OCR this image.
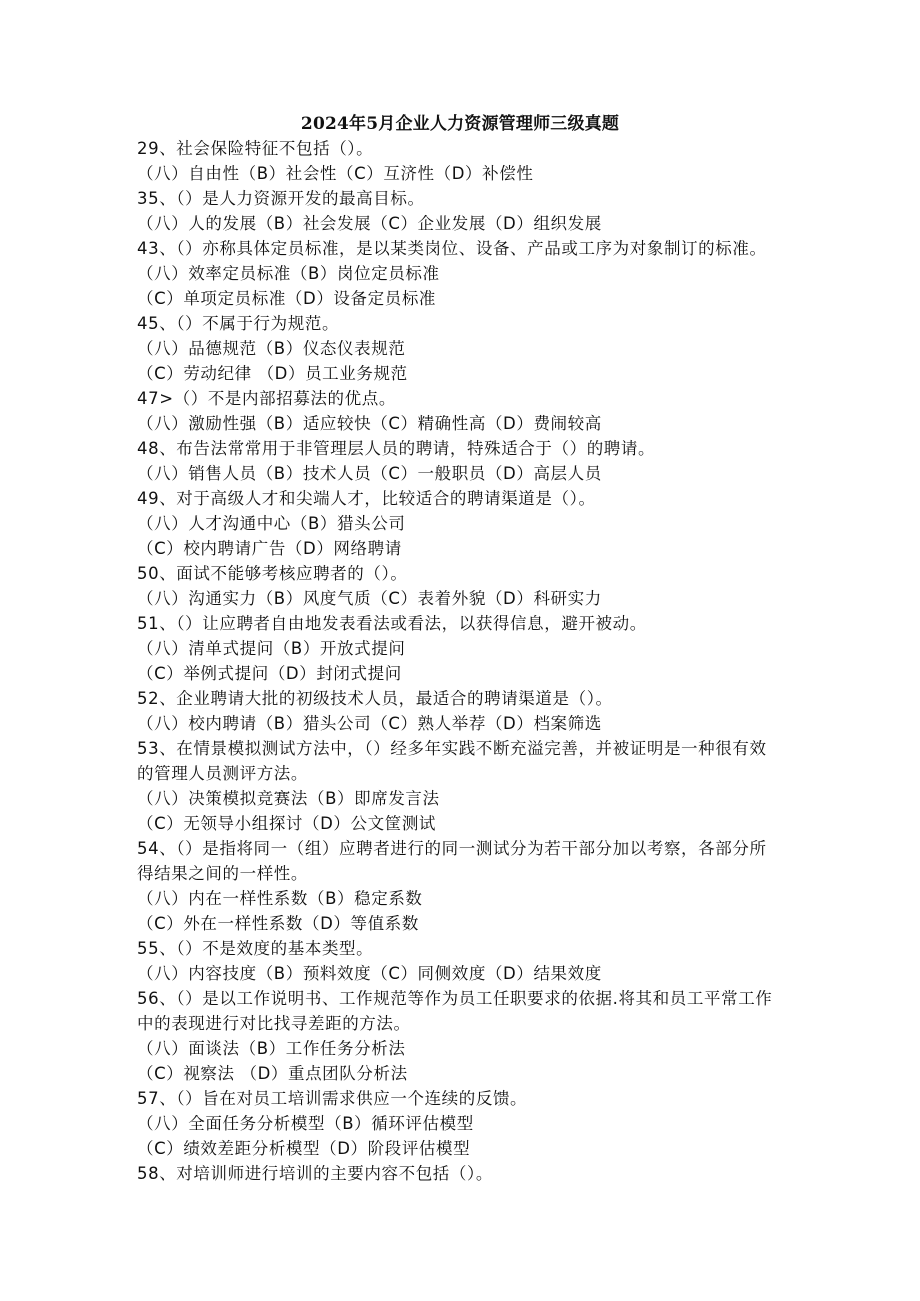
2024年5月企业人力资源管理师三级真题
29、社会保险特征不包括（）。
（八）自由性（B）社会性（C）互济性（D）补偿性
35、（）是人力资源开发的最高目标。
（八）人的发展（B）社会发展（C）企业发展（D）组织发展
43、（）亦称具体定员标准，是以某类岗位、设备、产品或工序为对象制订的标准。
（八）效率定员标准（B）岗位定员标准
（C）单项定员标准（D）设备定员标准
45、（）不属于行为规范。
（八）品德规范（B）仪态仪表规范
（C）劳动纪律 （D）员工业务规范
47>（）不是内部招募法的优点。
（八）激励性强（B）适应较快（C）精确性高（D）费闹较高
48、布告法常常用于非管理层人员的聘请，特殊适合于（）的聘请。
（八）销售人员（B）技术人员（C）一般职员（D）高层人员
49、对于高级人才和尖端人才，比较适合的聘请渠道是（）。
（八）人才沟通中心（B）猎头公司
（C）校内聘请广告（D）网络聘请
50、面试不能够考核应聘者的（）。
（八）沟通实力（B）风度气质（C）表着外貌（D）科研实力
51、（）让应聘者自由地发表看法或看法，以获得信息，避开被动。
（八）清单式提问（B）开放式提问
（C）举例式提问（D）封闭式提问
52、企业聘请大批的初级技术人员，最适合的聘请渠道是（）。
（八）校内聘请（B）猎头公司（C）熟人举荐（D）档案筛选
53、在情景模拟测试方法中，（）经多年实践不断充溢完善，并被证明是一种很有效的管理人员测评方法。
（八）决策模拟竞赛法（B）即席发言法
（C）无领导小组探讨（D）公文筐测试
54、（）是指将同一（组）应聘者进行的同一测试分为若干部分加以考察，各部分所得结果之间的一样性。
（八）内在一样性系数（B）稳定系数
（C）外在一样性系数（D）等值系数
55、（）不是效度的基本类型。
（八）内容技度（B）预料效度（C）同侧效度（D）结果效度
56、（）是以工作说明书、工作规范等作为员工任职要求的依据.将其和员工平常工作中的表现进行对比找寻差距的方法。
（八）面谈法（B）工作任务分析法
（C）视察法 （D）重点团队分析法
57、（）旨在对员工培训需求供应一个连续的反馈。
（八）全面任务分析模型（B）循环评估模型
（C）绩效差距分析模型（D）阶段评估模型
58、对培训师进行培训的主要内容不包括（）。
